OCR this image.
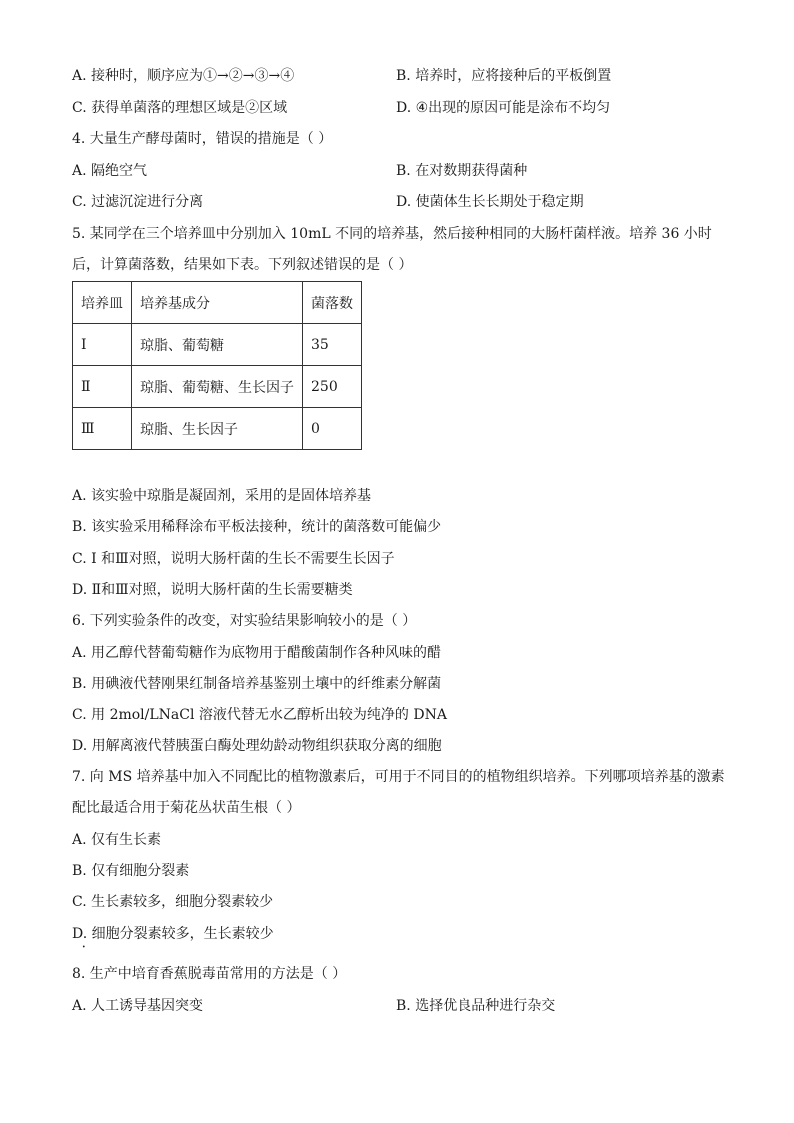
A. 接种时，顺序应为①→②→③→④	B. 培养时，应将接种后的平板倒置
C. 获得单菌落的理想区域是②区域	D. ④出现的原因可能是涂布不均匀
4. 大量生产酵母菌时，错误的措施是（ ）
A. 隔绝空气	B. 在对数期获得菌种
C. 过滤沉淀进行分离	D. 使菌体生长长期处于稳定期
5. 某同学在三个培养皿中分别加入 10mL 不同的培养基，然后接种相同的大肠杆菌样液。培养 36 小时
后，计算菌落数，结果如下表。下列叙述错误的是（ ）
培养皿	培养基成分	菌落数
I	琼脂、葡萄糖	35
Ⅱ	琼脂、葡萄糖、生长因子	250
Ⅲ	琼脂、生长因子	0
A. 该实验中琼脂是凝固剂，采用的是固体培养基
B. 该实验采用稀释涂布平板法接种，统计的菌落数可能偏少
C. I 和Ⅲ对照，说明大肠杆菌的生长不需要生长因子
D. Ⅱ和Ⅲ对照，说明大肠杆菌的生长需要糖类
6. 下列实验条件的改变，对实验结果影响较小的是（ ）
A. 用乙醇代替葡萄糖作为底物用于醋酸菌制作各种风味的醋
B. 用碘液代替刚果红制备培养基鉴别土壤中的纤维素分解菌
C. 用 2mol/LNaCl 溶液代替无水乙醇析出较为纯净的 DNA
D. 用解离液代替胰蛋白酶处理幼龄动物组织获取分离的细胞
7. 向 MS 培养基中加入不同配比的植物激素后，可用于不同目的的植物组织培养。下列哪项培养基的激素
配比最适合用于菊花丛状苗生根（ ）
A. 仅有生长素
B. 仅有细胞分裂素
C. 生长素较多，细胞分裂素较少
D. 细胞分裂素较多，生长素较少
•
8. 生产中培育香蕉脱毒苗常用的方法是（ ）
A. 人工诱导基因突变	B. 选择优良品种进行杂交
